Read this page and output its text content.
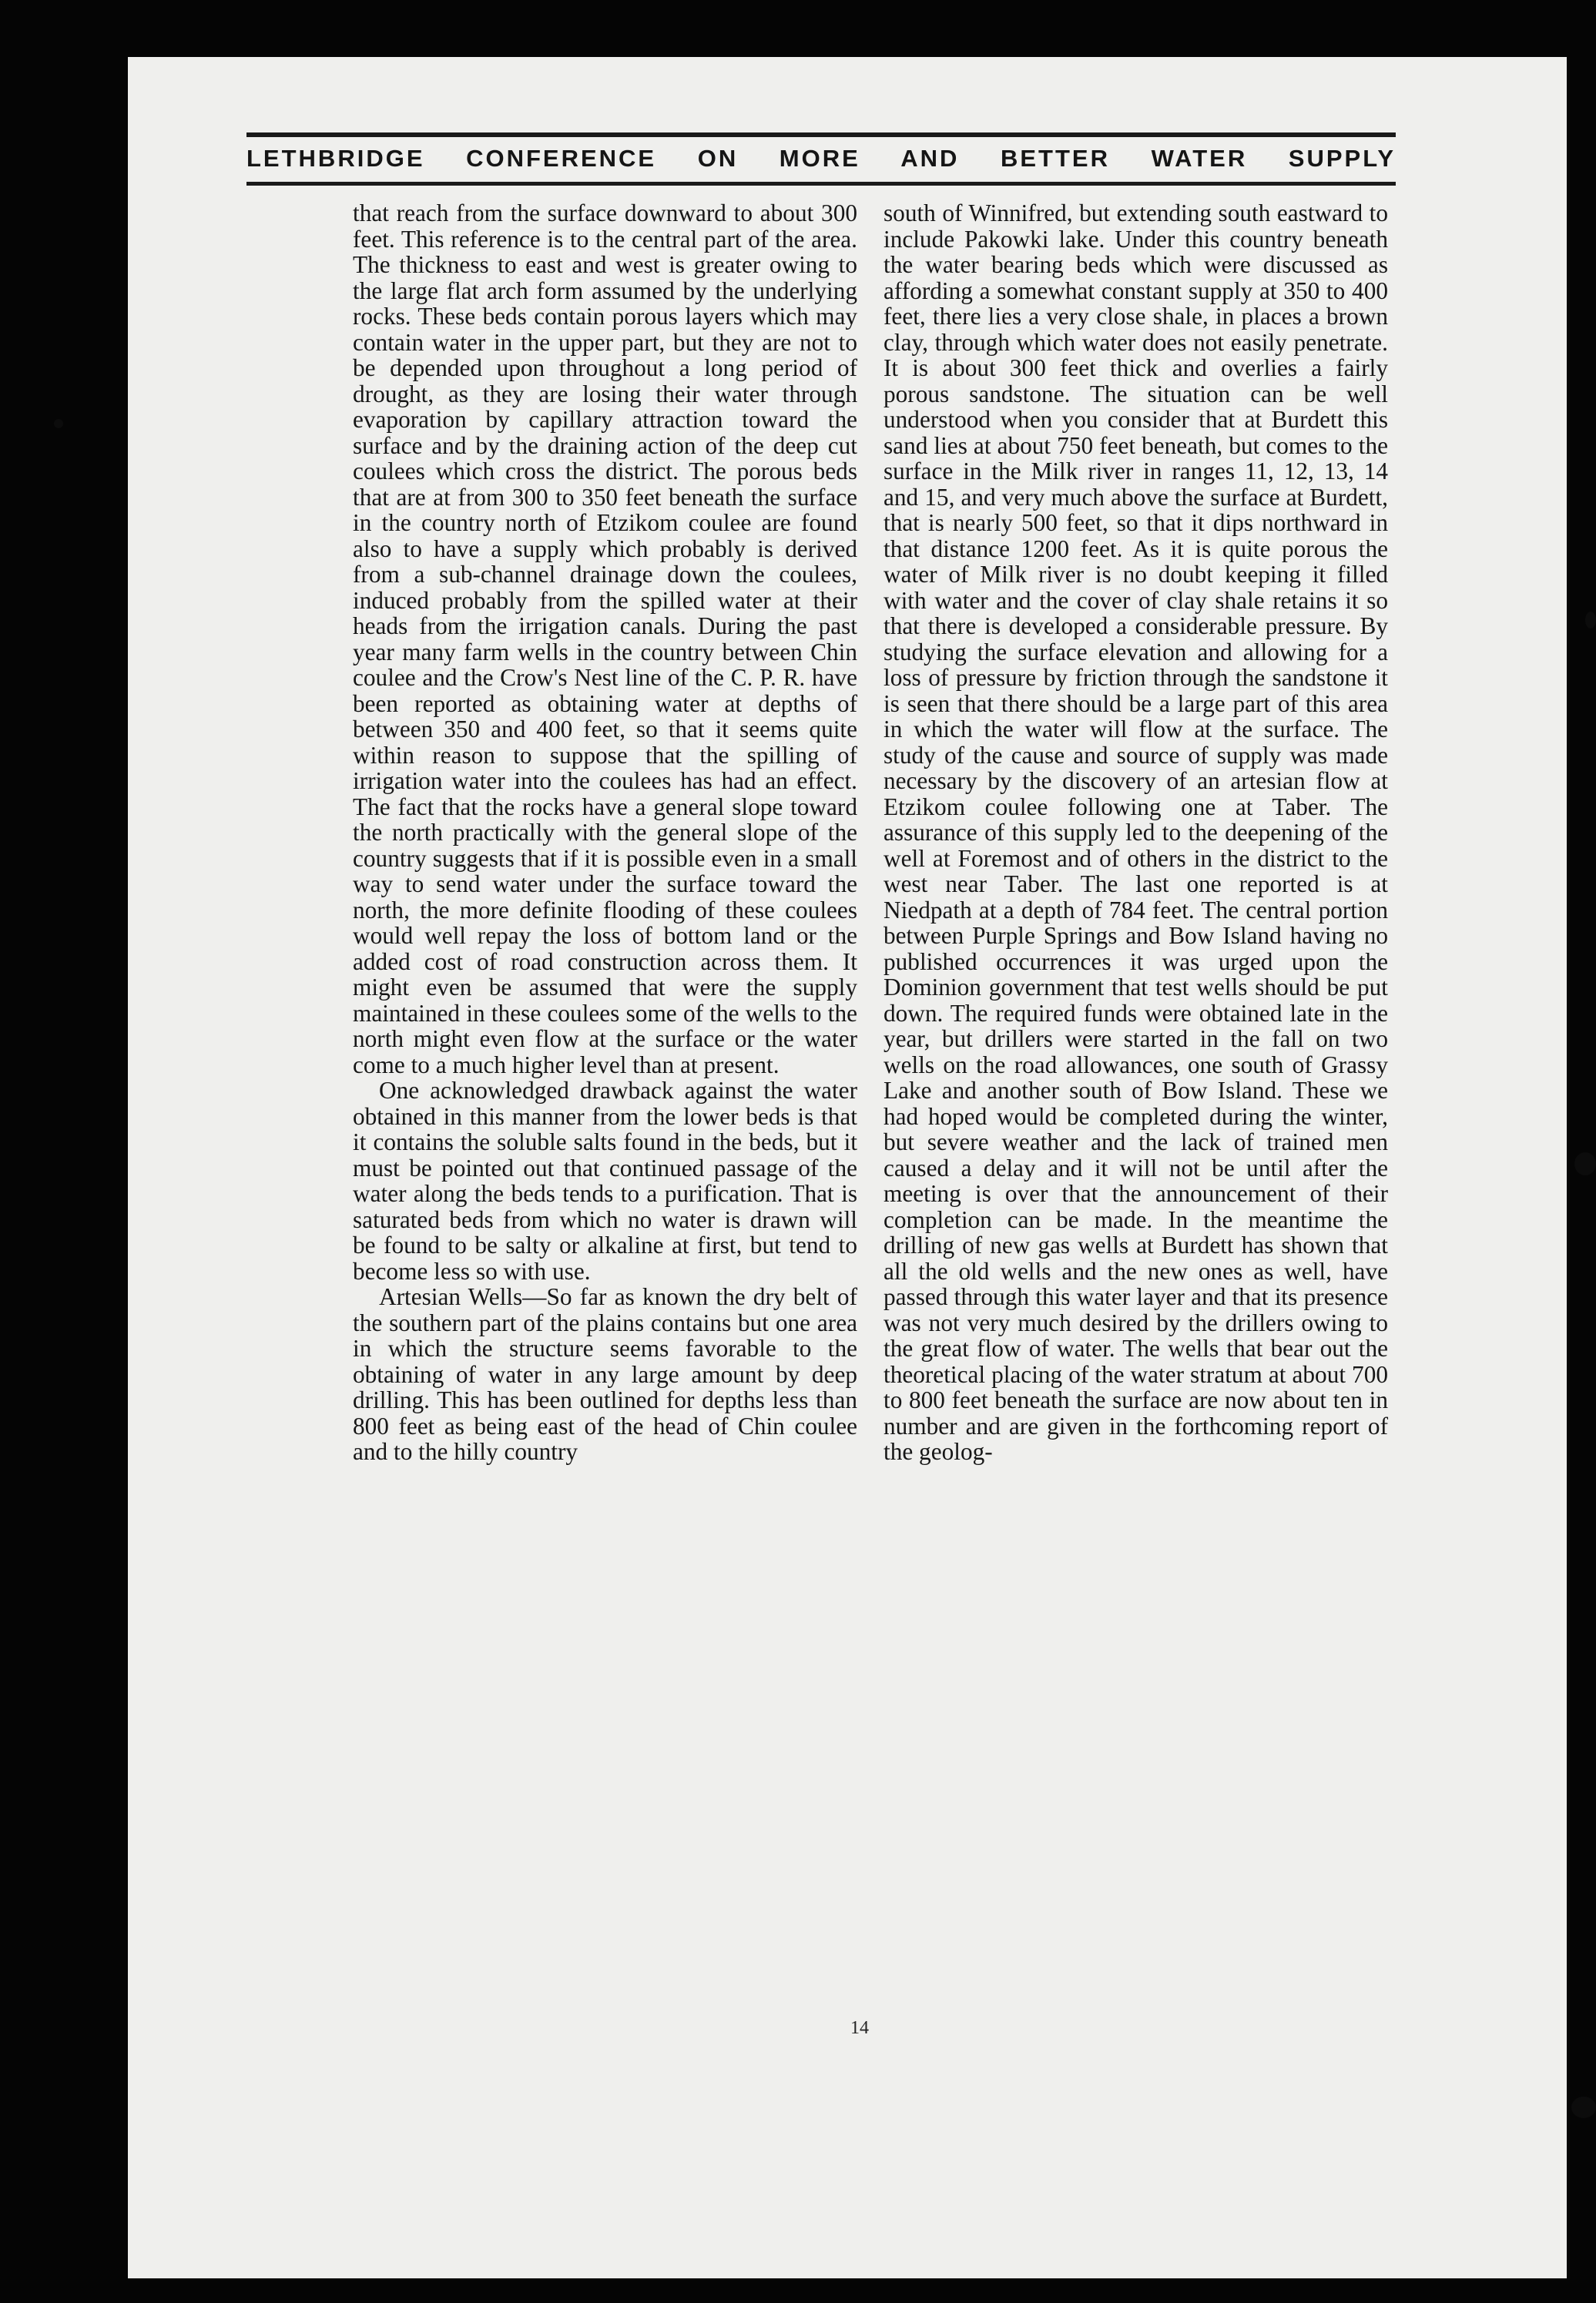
LETHBRIDGE CONFERENCE ON MORE AND BETTER WATER SUPPLY

that reach from the surface downward to about 300 feet. This reference is to the central part of the area. The thickness to east and west is greater owing to the large flat arch form assumed by the underlying rocks. These beds contain porous layers which may contain water in the upper part, but they are not to be depended upon throughout a long period of drought, as they are losing their water through evaporation by capillary attraction toward the surface and by the draining action of the deep cut coulees which cross the district. The porous beds that are at from 300 to 350 feet beneath the surface in the country north of Etzikom coulee are found also to have a supply which probably is derived from a sub-channel drainage down the coulees, induced probably from the spilled water at their heads from the irrigation canals. During the past year many farm wells in the country between Chin coulee and the Crow's Nest line of the C. P. R. have been reported as obtaining water at depths of between 350 and 400 feet, so that it seems quite within reason to suppose that the spilling of irrigation water into the coulees has had an effect. The fact that the rocks have a general slope toward the north practically with the general slope of the country suggests that if it is possible even in a small way to send water under the surface toward the north, the more definite flooding of these coulees would well repay the loss of bottom land or the added cost of road construction across them. It might even be assumed that were the supply maintained in these coulees some of the wells to the north might even flow at the surface or the water come to a much higher level than at present.

One acknowledged drawback against the water obtained in this manner from the lower beds is that it contains the soluble salts found in the beds, but it must be pointed out that continued passage of the water along the beds tends to a purification. That is saturated beds from which no water is drawn will be found to be salty or alkaline at first, but tend to become less so with use.

Artesian Wells—So far as known the dry belt of the southern part of the plains contains but one area in which the structure seems favorable to the obtaining of water in any large amount by deep drilling. This has been outlined for depths less than 800 feet as being east of the head of Chin coulee and to the hilly country

south of Winnifred, but extending south eastward to include Pakowki lake. Under this country beneath the water bearing beds which were discussed as affording a somewhat constant supply at 350 to 400 feet, there lies a very close shale, in places a brown clay, through which water does not easily penetrate. It is about 300 feet thick and overlies a fairly porous sandstone. The situation can be well understood when you consider that at Burdett this sand lies at about 750 feet beneath, but comes to the surface in the Milk river in ranges 11, 12, 13, 14 and 15, and very much above the surface at Burdett, that is nearly 500 feet, so that it dips northward in that distance 1200 feet. As it is quite porous the water of Milk river is no doubt keeping it filled with water and the cover of clay shale retains it so that there is developed a considerable pressure. By studying the surface elevation and allowing for a loss of pressure by friction through the sandstone it is seen that there should be a large part of this area in which the water will flow at the surface. The study of the cause and source of supply was made necessary by the discovery of an artesian flow at Etzikom coulee following one at Taber. The assurance of this supply led to the deepening of the well at Foremost and of others in the district to the west near Taber. The last one reported is at Niedpath at a depth of 784 feet. The central portion between Purple Springs and Bow Island having no published occurrences it was urged upon the Dominion government that test wells should be put down. The required funds were obtained late in the year, but drillers were started in the fall on two wells on the road allowances, one south of Grassy Lake and another south of Bow Island. These we had hoped would be completed during the winter, but severe weather and the lack of trained men caused a delay and it will not be until after the meeting is over that the announcement of their completion can be made. In the meantime the drilling of new gas wells at Burdett has shown that all the old wells and the new ones as well, have passed through this water layer and that its presence was not very much desired by the drillers owing to the great flow of water. The wells that bear out the theoretical placing of the water stratum at about 700 to 800 feet beneath the surface are now about ten in number and are given in the forthcoming report of the geolog-

14
